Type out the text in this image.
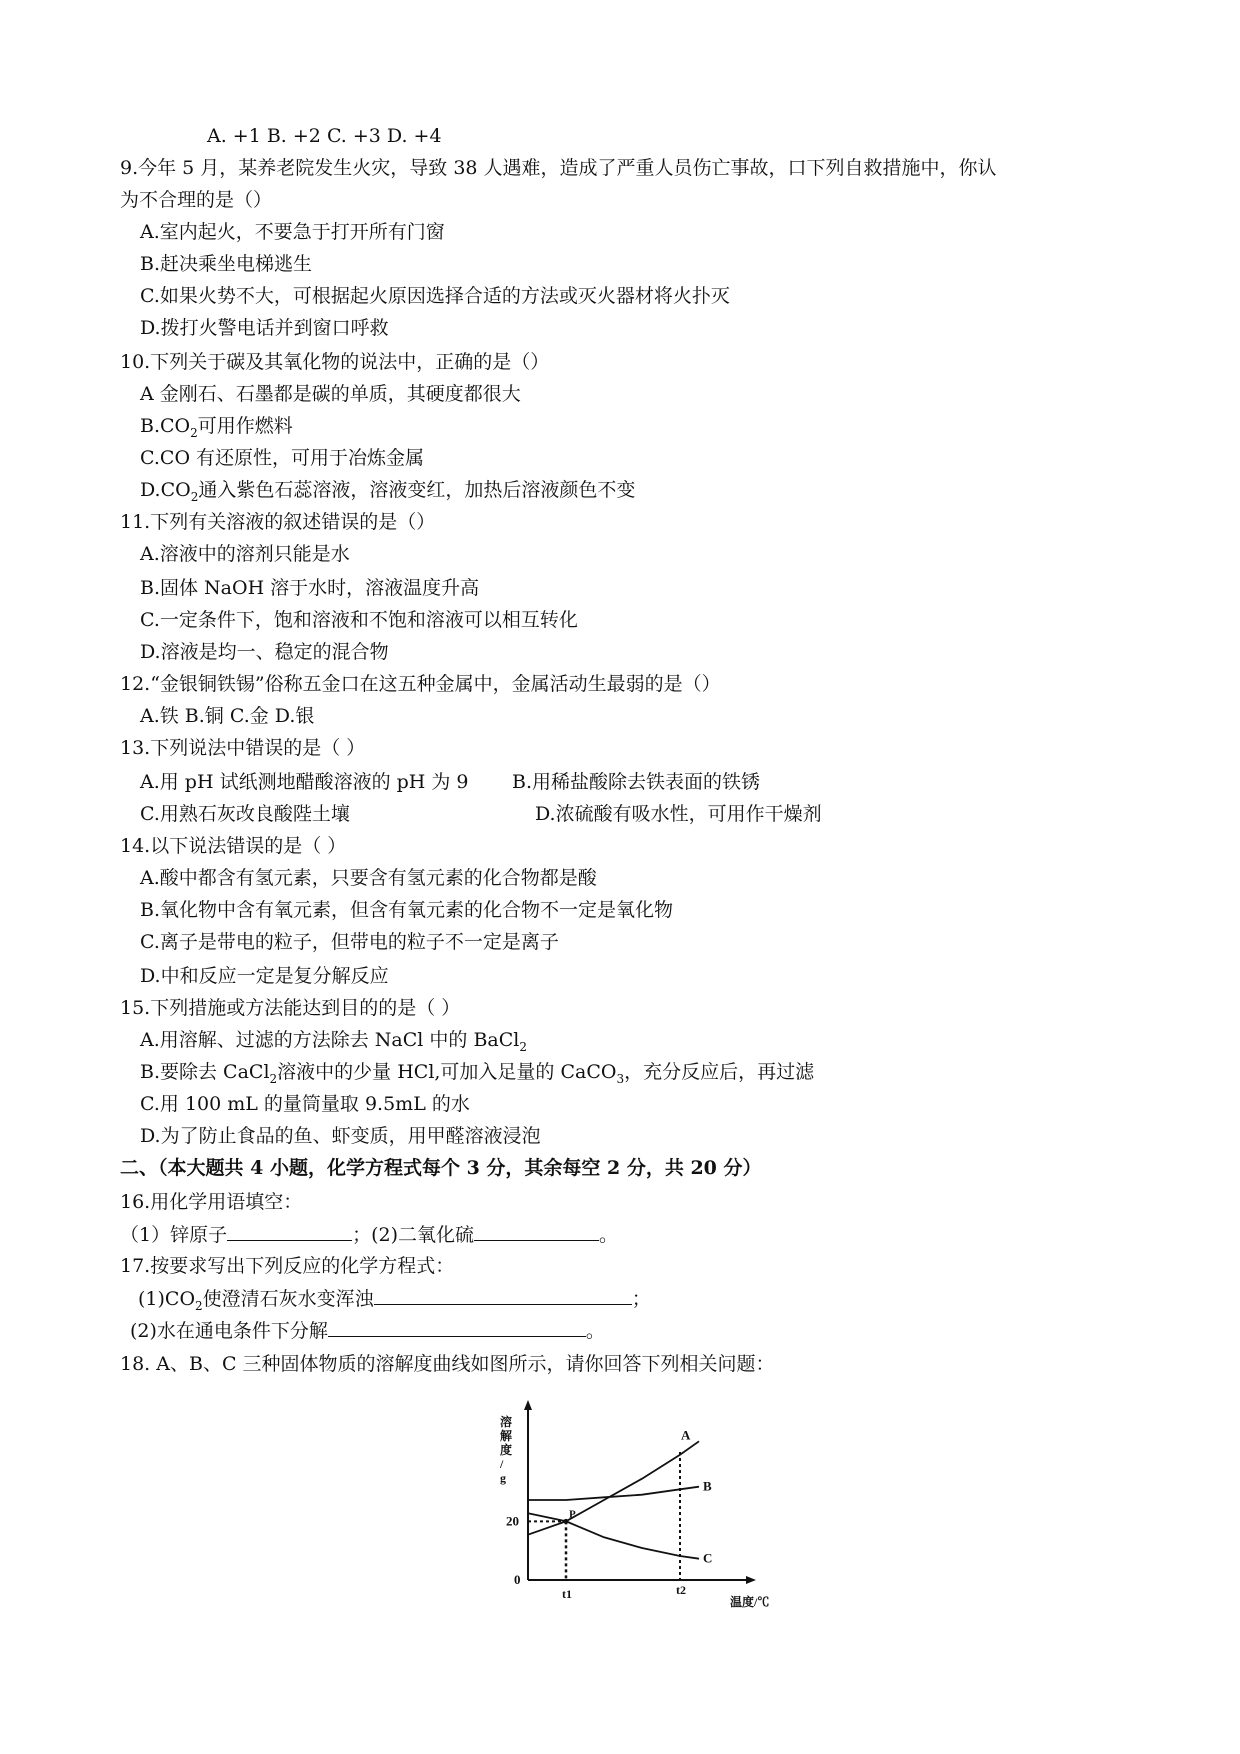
A. +1 B. +2 C. +3 D. +4
9.今年 5 月，某养老院发生火灾，导致 38 人遇难，造成了严重人员伤亡事故，口下列自救措施中，你认
为不合理的是（）
A.室内起火，不要急于打开所有门窗
B.赶决乘坐电梯逃生
C.如果火势不大，可根据起火原因选择合适的方法或灭火器材将火扑灭
D.拨打火警电话并到窗口呼救
10.下列关于碳及其氧化物的说法中，正确的是（）
A 金刚石、石墨都是碳的单质，其硬度都很大
$B.CO_2$可用作燃料
C.CO 有还原性，可用于冶炼金属
$D.CO_2$通入紫色石蕊溶液，溶液变红，加热后溶液颜色不变
11.下列有关溶液的叙述错误的是（）
A.溶液中的溶剂只能是水
B.固体 NaOH 溶于水时，溶液温度升高
C.一定条件下，饱和溶液和不饱和溶液可以相互转化
D.溶液是均一、稳定的混合物
12.“金银铜铁锡”俗称五金口在这五种金属中，金属活动生最弱的是（）
A.铁 B.铜 C.金 D.银
13.下列说法中错误的是（ ）
A.用 pH 试纸测地醋酸溶液的 pH 为 9 B.用稀盐酸除去铁表面的铁锈
C.用熟石灰改良酸陛土壤	D.浓硫酸有吸水性，可用作干燥剂
14.以下说法错误的是（ ）
A.酸中都含有氢元素，只要含有氢元素的化合物都是酸
B.氧化物中含有氧元素，但含有氧元素的化合物不一定是氧化物
C.离子是带电的粒子，但带电的粒子不一定是离子
D.中和反应一定是复分解反应
15.下列措施或方法能达到目的的是（ ）
A.用溶解、过滤的方法除去 NaCl 中的 BaCl$_2$
B.要除去 CaCl$_2$溶液中的少量 HCl,可加入足量的 CaCO$_3$，充分反应后，再过滤
C.用 100 mL 的量筒量取 9.5mL 的水
D.为了防止食品的鱼、虾变质，用甲醛溶液浸泡
二、（本大题共 4 小题，化学方程式每个 3 分，其余每空 2 分，共 20 分）
16.用化学用语填空：
（1）锌原子	；(2)二氧化硫	。
17.按要求写出下列反应的化学方程式：
$(1)CO_2$使澄清石灰水变浑浊	；
(2)水在通电条件下分解	。
18. A、B、C 三种固体物质的溶解度曲线如图所示，请你回答下列相关问题：
溶解度/ g
温度/℃
20
0
A
B
C
P
t1	t2
